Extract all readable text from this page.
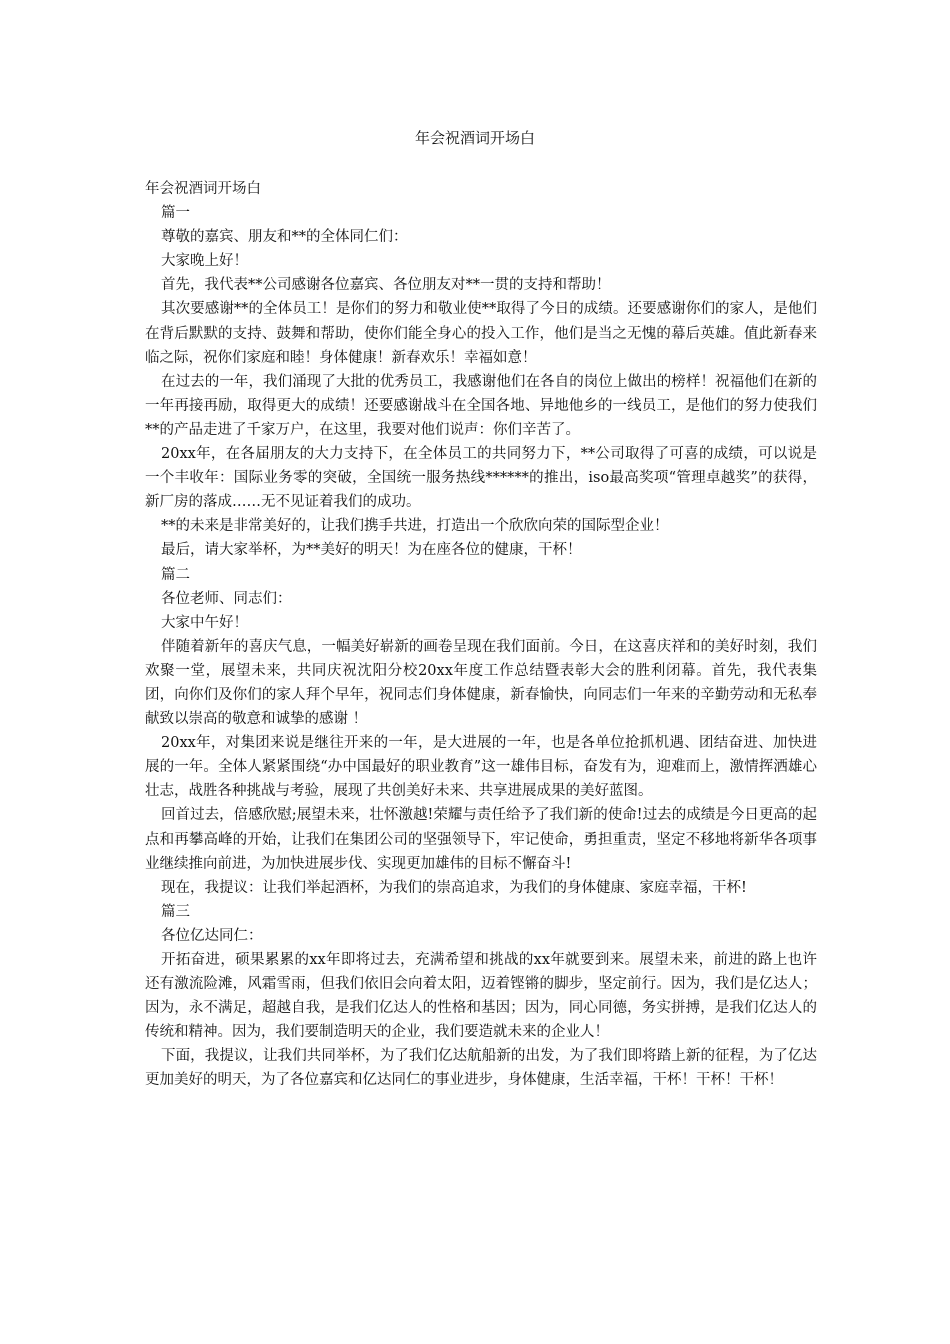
年会祝酒词开场白

年会祝酒词开场白

篇一

尊敬的嘉宾、朋友和**的全体同仁们：

大家晚上好！

首先，我代表**公司感谢各位嘉宾、各位朋友对**一贯的支持和帮助！

其次要感谢**的全体员工！是你们的努力和敬业使**取得了今日的成绩。还要感谢你们的家人，是他们在背后默默的支持、鼓舞和帮助，使你们能全身心的投入工作，他们是当之无愧的幕后英雄。值此新春来临之际，祝你们家庭和睦！身体健康！新春欢乐！幸福如意！

在过去的一年，我们涌现了大批的优秀员工，我感谢他们在各自的岗位上做出的榜样！祝福他们在新的一年再接再励，取得更大的成绩！还要感谢战斗在全国各地、异地他乡的一线员工，是他们的努力使我们**的产品走进了千家万户，在这里，我要对他们说声：你们辛苦了。

20xx年，在各届朋友的大力支持下，在全体员工的共同努力下，**公司取得了可喜的成绩，可以说是一个丰收年：国际业务零的突破，全国统一服务热线******的推出，iso最高奖项“管理卓越奖”的获得，新厂房的落成……无不见证着我们的成功。

**的未来是非常美好的，让我们携手共进，打造出一个欣欣向荣的国际型企业！

最后，请大家举杯，为**美好的明天！为在座各位的健康，干杯！

篇二

各位老师、同志们：

大家中午好！

伴随着新年的喜庆气息，一幅美好崭新的画卷呈现在我们面前。今日，在这喜庆祥和的美好时刻，我们欢聚一堂，展望未来，共同庆祝沈阳分校20xx年度工作总结暨表彰大会的胜利闭幕。首先，我代表集团，向你们及你们的家人拜个早年，祝同志们身体健康，新春愉快，向同志们一年来的辛勤劳动和无私奉献致以崇高的敬意和诚挚的感谢 ！

20xx年，对集团来说是继往开来的一年，是大进展的一年，也是各单位抢抓机遇、团结奋进、加快进展的一年。全体人紧紧围绕“办中国最好的职业教育”这一雄伟目标，奋发有为，迎难而上，激情挥洒雄心壮志，战胜各种挑战与考验，展现了共创美好未来、共享进展成果的美好蓝图。

回首过去，倍感欣慰;展望未来，壮怀激越!荣耀与责任给予了我们新的使命!过去的成绩是今日更高的起点和再攀高峰的开始，让我们在集团公司的坚强领导下，牢记使命，勇担重责，坚定不移地将新华各项事业继续推向前进，为加快进展步伐、实现更加雄伟的目标不懈奋斗!

现在，我提议：让我们举起酒杯，为我们的崇高追求，为我们的身体健康、家庭幸福，干杯!

篇三

各位亿达同仁：

开拓奋进，硕果累累的xx年即将过去，充满希望和挑战的xx年就要到来。展望未来，前进的路上也许还有激流险滩，风霜雪雨，但我们依旧会向着太阳，迈着铿锵的脚步，坚定前行。因为，我们是亿达人；因为，永不满足，超越自我，是我们亿达人的性格和基因；因为，同心同德，务实拼搏，是我们亿达人的传统和精神。因为，我们要制造明天的企业，我们要造就未来的企业人！

下面，我提议，让我们共同举杯，为了我们亿达航船新的出发，为了我们即将踏上新的征程，为了亿达更加美好的明天，为了各位嘉宾和亿达同仁的事业进步，身体健康，生活幸福，干杯！干杯！干杯！
